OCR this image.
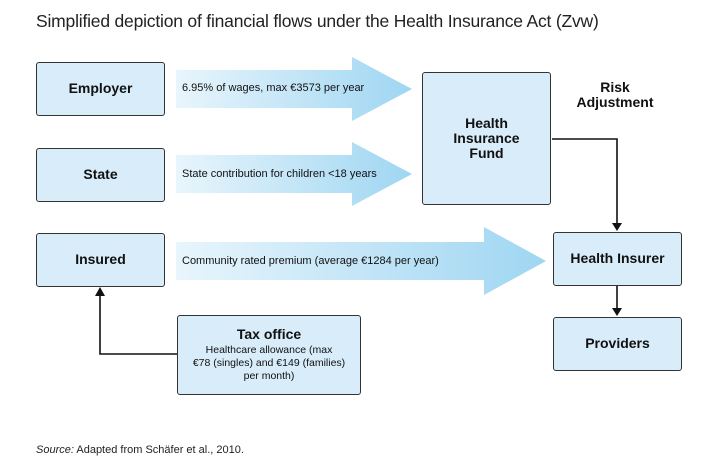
Simplified depiction of financial flows under the Health Insurance Act (Zvw)
Employer
State
Insured
Health
Insurance
Fund
Risk
Adjustment
Health Insurer
Providers
Tax office
Healthcare allowance (max
€78 (singles) and €149 (families)
per month)
6.95% of wages, max €3573 per year
State contribution for children <18 years
Community rated premium (average €1284 per year)
Source: Adapted from Schäfer et al., 2010.
